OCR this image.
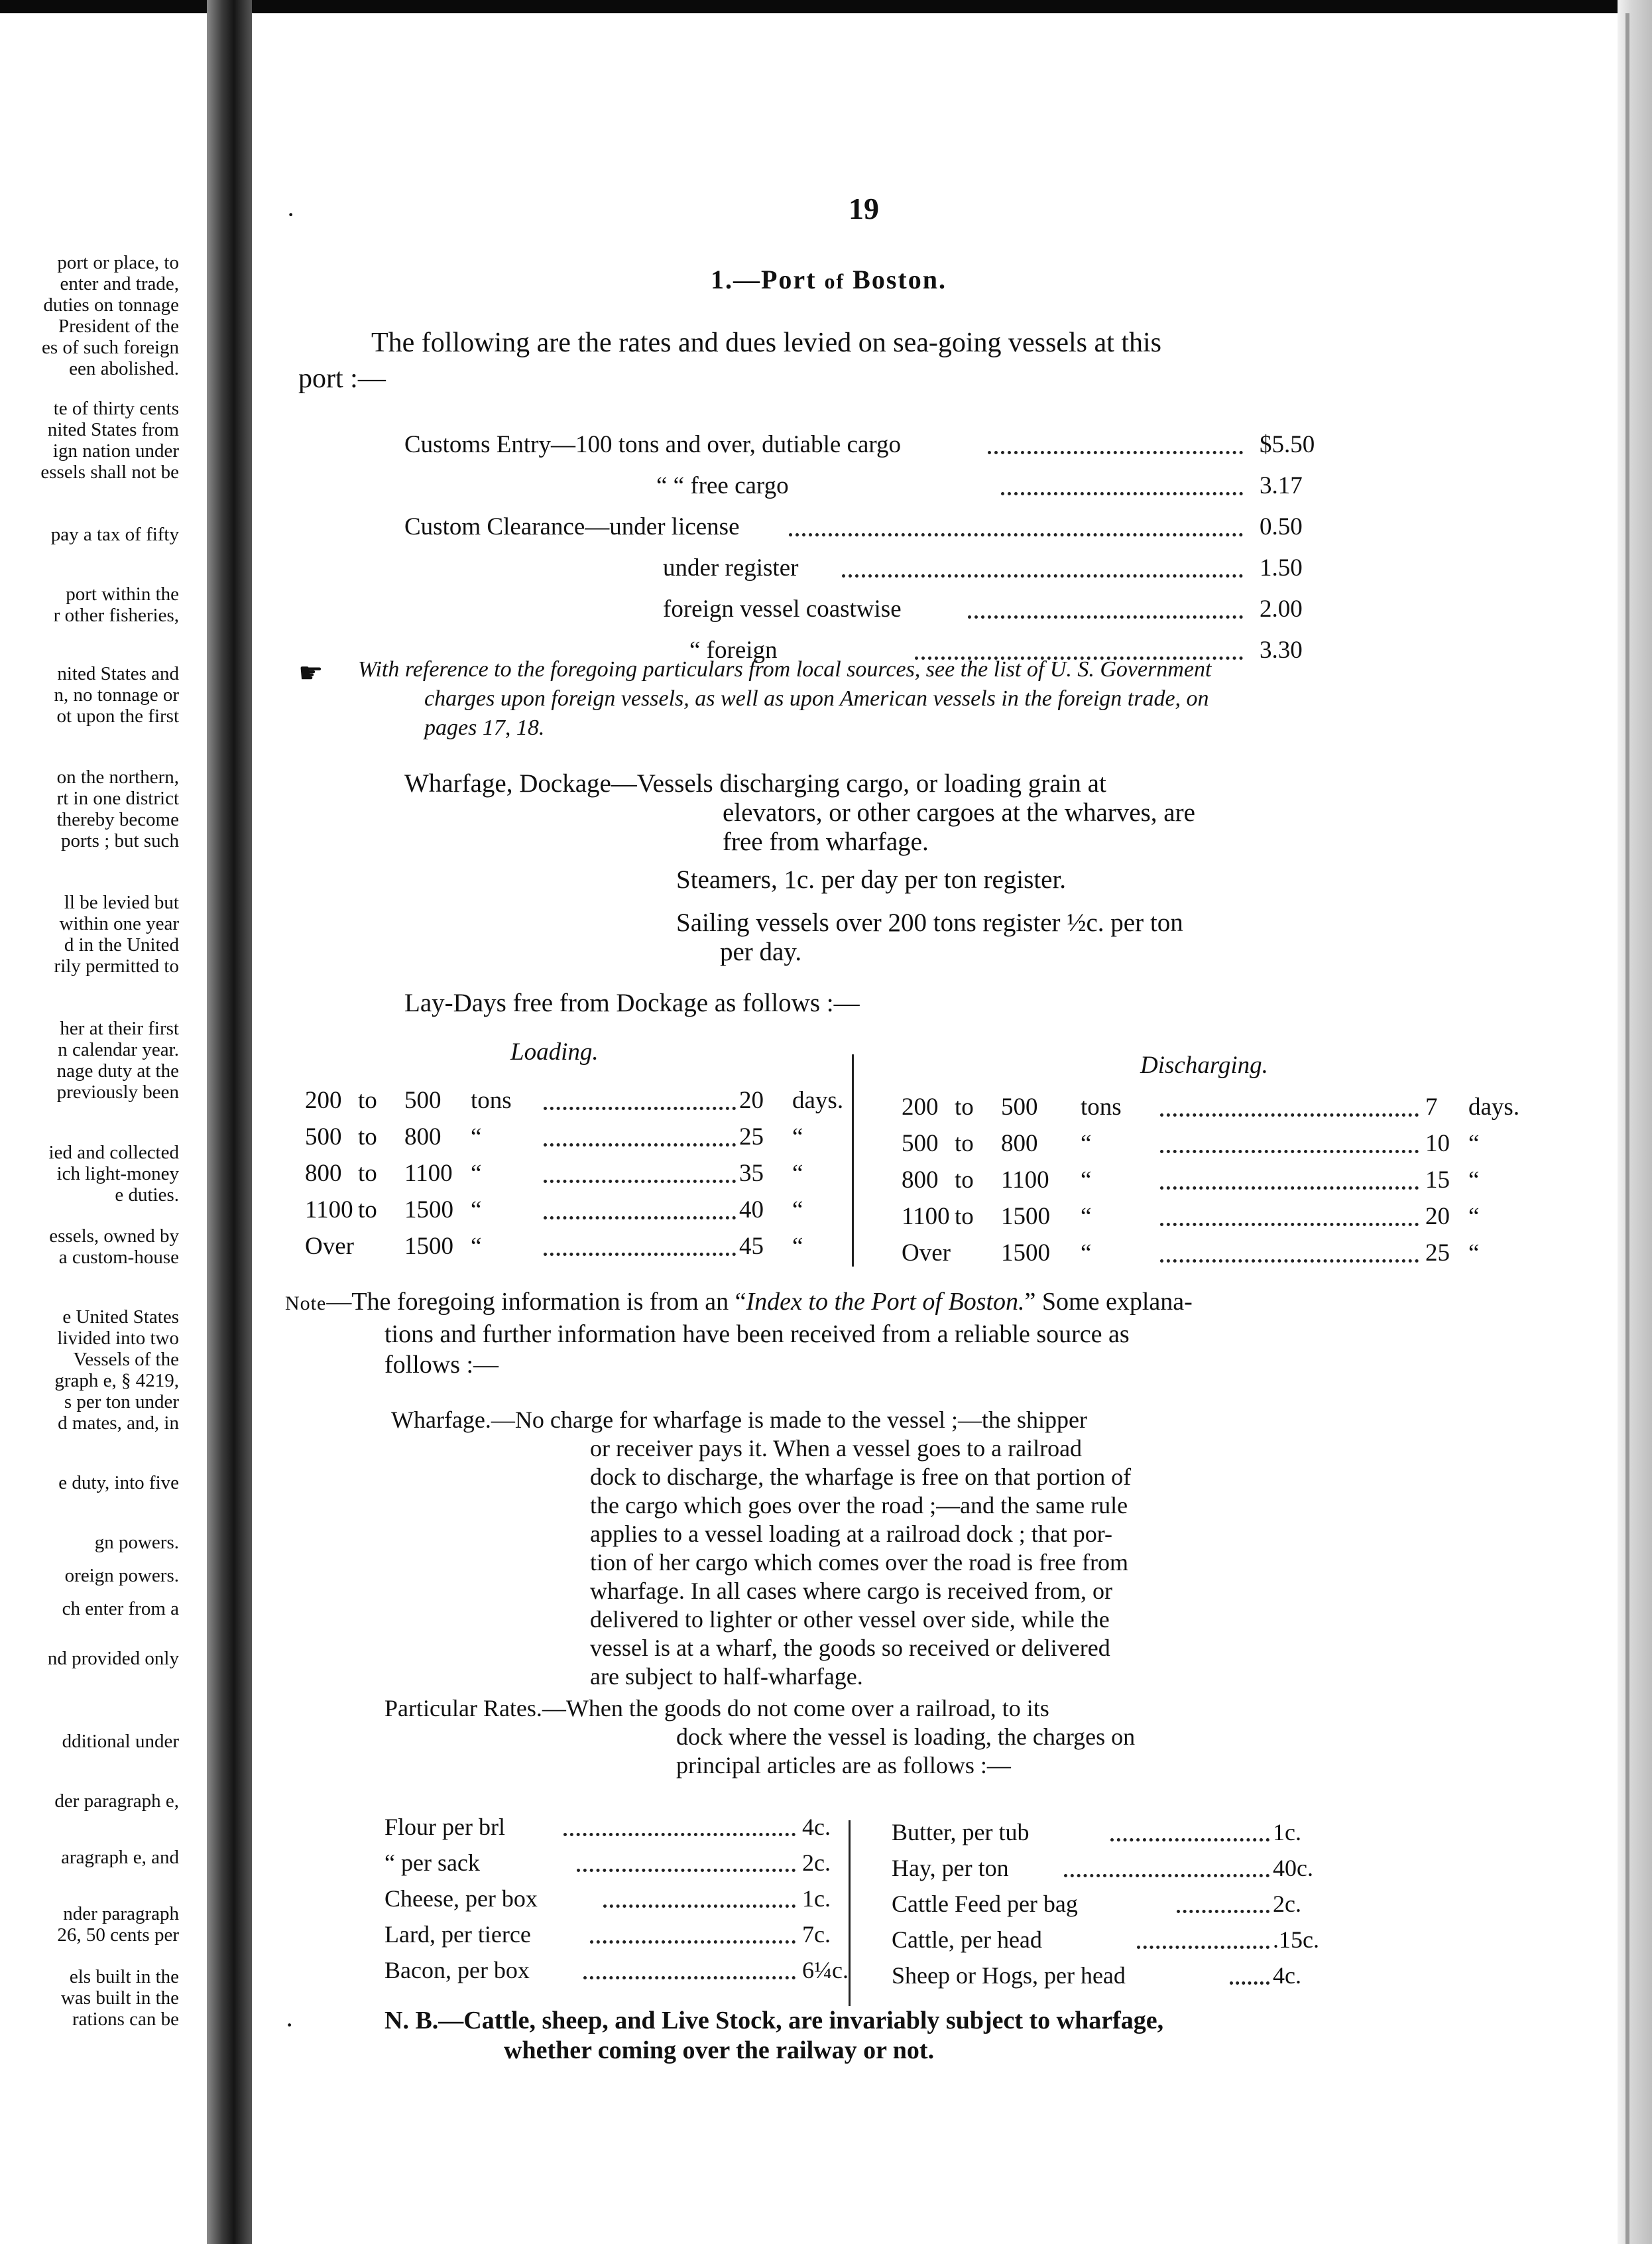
port or place, to
enter and trade,
duties on tonnage
President of the
es of such foreign
een abolished.
te of thirty cents
nited States from
ign nation under
essels shall not be
pay a tax of fifty
port within the
r other fisheries,
nited States and
n, no tonnage or
ot upon the first
on the northern,
rt in one district
thereby become
ports ; but such
ll be levied but
within one year
d in the United
rily permitted to
her at their first
n calendar year.
nage duty at the
previously been
ied and collected
ich light-money
e duties.
essels, owned by
a custom-house
e United States
livided into two
Vessels of the
graph e, § 4219,
s per ton under
d mates, and, in
e duty, into five
gn powers.
oreign powers.
ch enter from a
nd provided only
dditional under
der paragraph e,
aragraph e, and
nder paragraph
26, 50 cents per
els built in the
was built in the
rations can be
·	19
1.—Port of Boston.
The following are the rates and dues levied on sea-going vessels at this
port :—
Customs Entry—100 tons and over, dutiable cargo	$5.50
“ “ free cargo	3.17
Custom Clearance—under license	0.50
under register	1.50
foreign vessel coastwise	2.00
“ foreign	3.30
☛ With reference to the foregoing particulars from local sources, see the list of U. S. Government

charges upon foreign vessels, as well as upon American vessels in the foreign trade, on
pages 17, 18.
Wharfage, Dockage—Vessels discharging cargo, or loading grain at
elevators, or other cargoes at the wharves, are
free from wharfage.
Steamers, 1c. per day per ton register.
Sailing vessels over 200 tons register ½c. per ton
per day.
Lay-Days free from Dockage as follows :—
Loading.	Discharging.
200 to 500 tons	20 days.
500 to 800 “	25 “
800 to 1100 “	35 “
1100 to 1500 “	40 “
Over 1500 “	45 “
200 to 500 tons	7 days.
500 to 800 “	10 “
800 to 1100 “	15 “
1100 to 1500 “	20 “
Over 1500 “	25 “
Note—The foregoing information is from an “Index to the Port of Boston.” Some explana-
tions and further information have been received from a reliable source as
follows :—
Wharfage.—No charge for wharfage is made to the vessel ;—the shipper
or receiver pays it. When a vessel goes to a railroad
dock to discharge, the wharfage is free on that portion of
the cargo which goes over the road ;—and the same rule
applies to a vessel loading at a railroad dock ; that por-
tion of her cargo which comes over the road is free from
wharfage. In all cases where cargo is received from, or
delivered to lighter or other vessel over side, while the
vessel is at a wharf, the goods so received or delivered
are subject to half-wharfage.
Particular Rates.—When the goods do not come over a railroad, to its
dock where the vessel is loading, the charges on
principal articles are as follows :—
Flour per brl	4c.
“ per sack	2c.
Cheese, per box	1c.
Lard, per tierce	7c.
Bacon, per box	6¼c.
Butter, per tub	1c.
Hay, per ton	40c.
Cattle Feed per bag	2c.
Cattle, per head	.15c.
Sheep or Hogs, per head	4c.
·	N. B.—Cattle, sheep, and Live Stock, are invariably subject to wharfage,
whether coming over the railway or not.
